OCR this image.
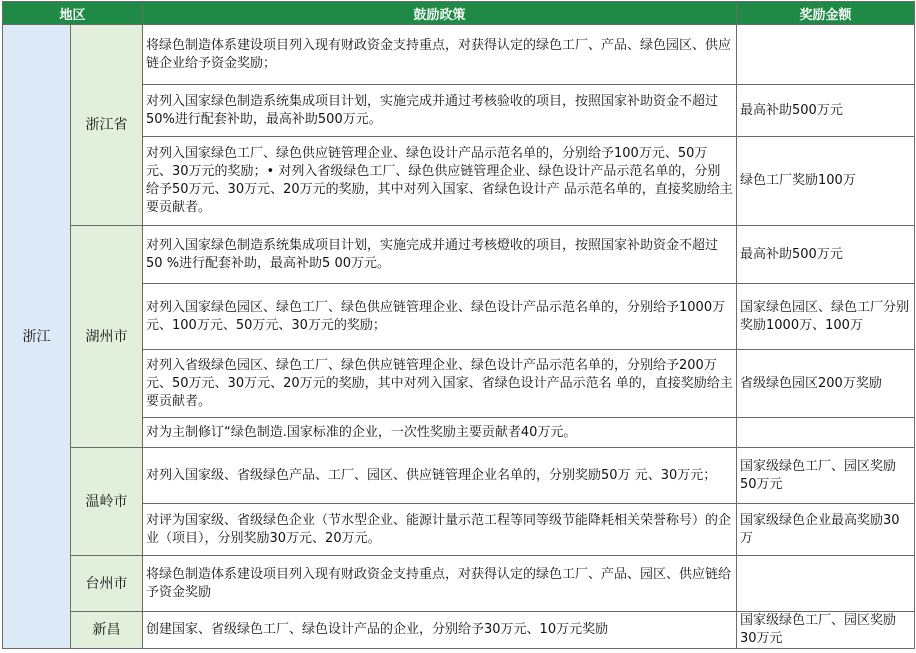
地区		鼓励政策	奖励金额
浙江	浙江省	将绿色制造体系建设项目列入现有财政资金支持重点，对获得认定的绿色工厂、产品、绿色园区、供应链企业给予资金奖励；	
		对列入国家绿色制造系统集成项目计划，实施完成并通过考核验收的项目，按照国家补助资金不超过50%进行配套补助，最高补助500万元。	最高补助500万元
		对列入国家绿色工厂、绿色供应链管理企业、绿色设计产品示范名单的，分别给予100万元、50万元、30万元的奖励；• 对列入省级绿色工厂、绿色供应链管理企业、绿色设计产品示范名单的，分别给予50万元、30万元、20万元的奖励，其中对列入国家、省绿色设计产 品示范名单的，直接奖励给主要贡献者。	绿色工厂奖励100万
	湖州市	对列入国家绿色制造系统集成项目计划，实施完成并通过考核燈收的项目，按照国家补助资金不超过50 %进行配套补助，最高补助5 00万元。	最高补助500万元
		对列入国家绿色园区、绿色工厂、绿色供应链管理企业、绿色设计产品示范名单的，分别给予1000万元、100万元、50万元、30万元的奖励；	国家绿色园区、绿色工厂分别奖励1000万、100万
		对列入省级绿色园区、绿色工厂、绿色供应链管理企业、绿色设计产品示范名单的，分别给予200万元、50万元、30万元、20万元的奖励，其中对列入国家、省绿色设计产品示范名 单的，直接奖励给主要贡献者。	省级绿色园区200万奖励
		对为主制修订“绿色制造.国家标准的企业，一次性奖励主要贡献者40万元。	
	温岭市	对列入国家级、省级绿色产品、工厂、园区、供应链管理企业名单的，分别奖励50万 元、30万元；	国家级绿色工厂、园区奖励50万元
		对评为国家级、省级绿色企业（节水型企业、能源计量示范工程等同等级节能降耗相关荣誉称号）的企业（项目），分别奖励30万元、20万元。	国家级绿色企业最高奖励30万
	台州市	将绿色制造体系建设项目列入现有财政资金支持重点，对获得认定的绿色工厂、产品、园区、供应链给予资金奖励	
	新昌	创建国家、省级绿色工厂、绿色设计产品的企业，分别给予30万元、10万元奖励	国家级绿色工厂、园区奖励30万元
